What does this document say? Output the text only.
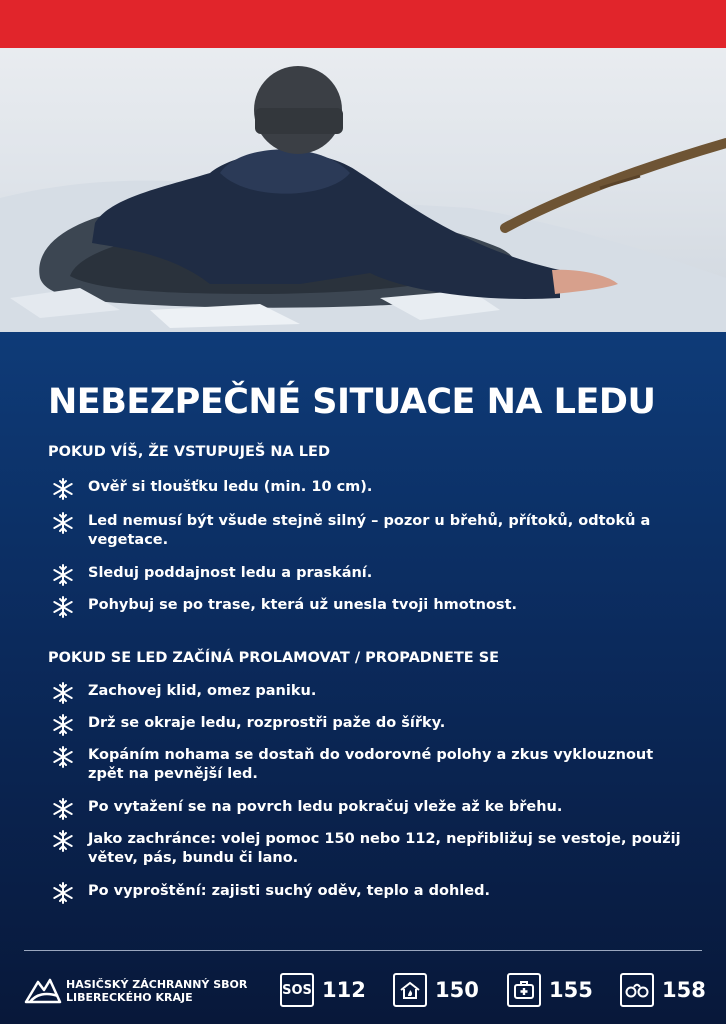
NEBEZPEČNÉ SITUACE NA LEDU
POKUD VÍŠ, ŽE VSTUPUJEŠ NA LED
Ověř si tloušťku ledu (min. 10 cm).
Led nemusí být všude stejně silný – pozor u břehů, přítoků, odtoků a vegetace.
Sleduj poddajnost ledu a praskání.
Pohybuj se po trase, která už unesla tvoji hmotnost.
POKUD SE LED ZAČÍNÁ PROLAMOVAT / PROPADNETE SE
Zachovej klid, omez paniku.
Drž se okraje ledu, rozprostři paže do šířky.
Kopáním nohama se dostaň do vodorovné polohy a zkus vyklouznout zpět na pevnější led.
Po vytažení se na povrch ledu pokračuj vleže až ke břehu.
Jako zachránce: volej pomoc 150 nebo 112, nepřibližuj se vestoje, použij větev, pás, bundu či lano.
Po vyproštění: zajisti suchý oděv, teplo a dohled.
HASIČSKÝ ZÁCHRANNÝ SBOR
LIBERECKÉHO KRAJE	SOS 112	150	155	158
